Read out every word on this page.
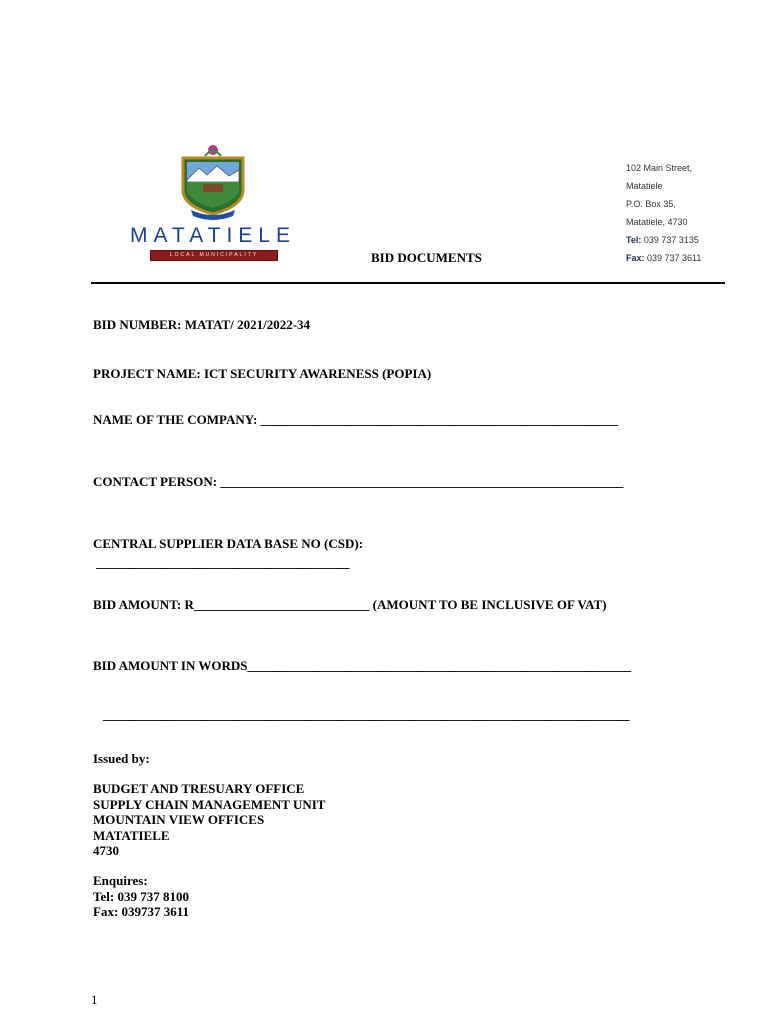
MATATIELE
LOCAL MUNICIPALITY
102 Main Street,
Matatiele
P.O. Box 35,
Matatiele, 4730
Tel: 039 737 3135
Fax: 039 737 3611
BID DOCUMENTS
BID NUMBER: MATAT/ 2021/2022-34
PROJECT NAME: ICT SECURITY AWARENESS (POPIA)
NAME OF THE COMPANY: _______________________________________________________
CONTACT PERSON: ______________________________________________________________
CENTRAL SUPPLIER DATA BASE NO (CSD):
_______________________________________
BID AMOUNT: R___________________________ (AMOUNT TO BE INCLUSIVE OF VAT)
BID AMOUNT IN WORDS___________________________________________________________
_________________________________________________________________________________
Issued by:
BUDGET AND TRESUARY OFFICE
SUPPLY CHAIN MANAGEMENT UNIT
MOUNTAIN VIEW OFFICES
MATATIELE
4730
Enquires:
Tel: 039 737 8100
Fax: 039737 3611
1
